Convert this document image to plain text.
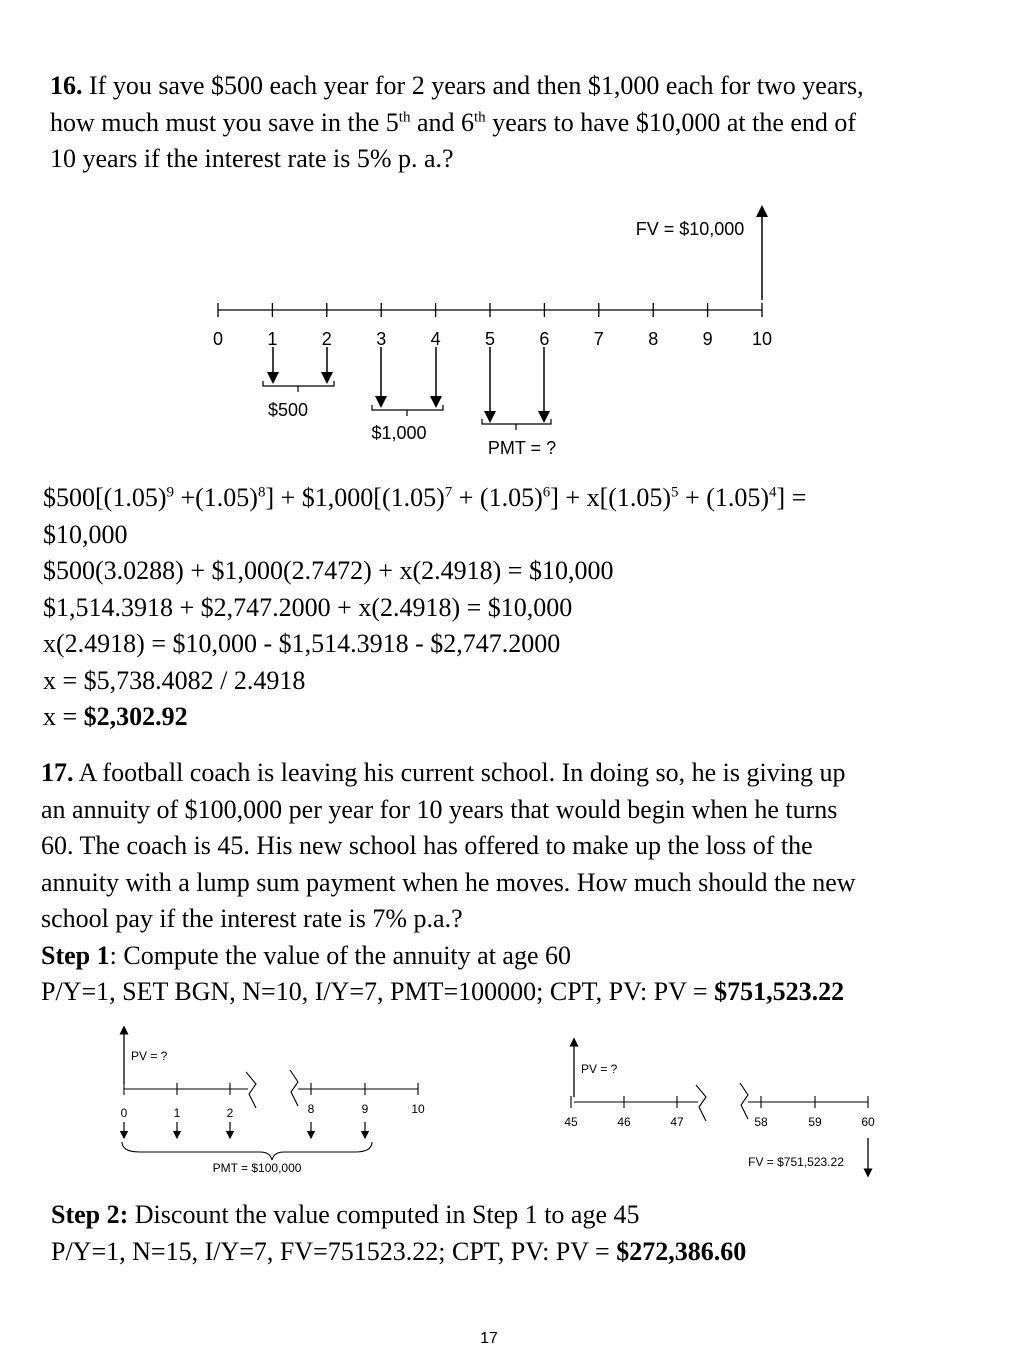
16. If you save $500 each year for 2 years and then $1,000 each for two years,
how much must you save in the 5th and 6th years to have $10,000 at the end of
10 years if the interest rate is 5% p. a.?
0 1 2 3 4 5 6 7 8 9 10
FV = $10,000
$500
$1,000
PMT = ?
$\$500[(1.05)^9 +(1.05)^8]$ + $\$1,000[(1.05)^7 + (1.05)^6] + x[(1.05)^5 + (1.05)^4]$ =
$10,000
$500(3.0288) + $1,000(2.7472) + x(2.4918) = $10,000
$1,514.3918 + $2,747.2000 + x(2.4918) = $10,000
x(2.4918) = $10,000 - $1,514.3918 - $2,747.2000
x = $5,738.4082 / 2.4918
x = $2,302.92
17. A football coach is leaving his current school. In doing so, he is giving up
an annuity of $100,000 per year for 10 years that would begin when he turns
60. The coach is 45. His new school has offered to make up the loss of the
annuity with a lump sum payment when he moves. How much should the new
school pay if the interest rate is 7% p.a.?
Step 1: Compute the value of the annuity at age 60
P/Y=1, SET BGN, N=10, I/Y=7, PMT=100000; CPT, PV: PV = $751,523.22
0	1	2	8	9	10
PV = ?
PMT = $100,000
45	46	47	58	59	60
PV = ?
FV = $751,523.22
Step 2: Discount the value computed in Step 1 to age 45
P/Y=1, N=15, I/Y=7, FV=751523.22; CPT, PV: PV = $272,386.60
17
